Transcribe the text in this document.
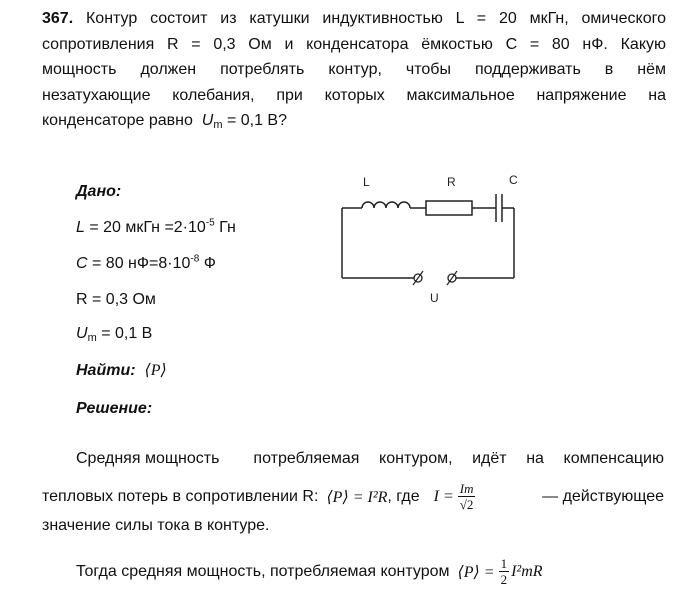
367. Контур состоит из катушки индуктивностью L = 20 мкГн, омического
сопротивления R = 0,3 Ом и конденсатора ёмкостью С = 80 нФ. Какую
мощность должен потреблять контур, чтобы поддерживать в нём
незатухающие колебания, при которых максимальное напряжение на
конденсаторе равно Um = 0,1 В?
Дано:
L = 20 мкГн $=2\cdot 10^{-5}$ Гн
С = 80 $нФ=8\cdot 10^{-8}$ Ф
R = 0,3 Ом
Um = 0,1 В
Найти: ⟨P⟩
Решение:
Средняя мощность потребляемая контуром, идёт на компенсацию
тепловых потерь в сопротивлении R: ⟨P⟩ = I²R , где $I = \frac{Im}{√2}$	— действующее
значение силы тока в контуре.
Тогда средняя мощность, потребляемая контуром ⟨P⟩ = $\frac{1}{2} I^2mR$
L	R	C
U
